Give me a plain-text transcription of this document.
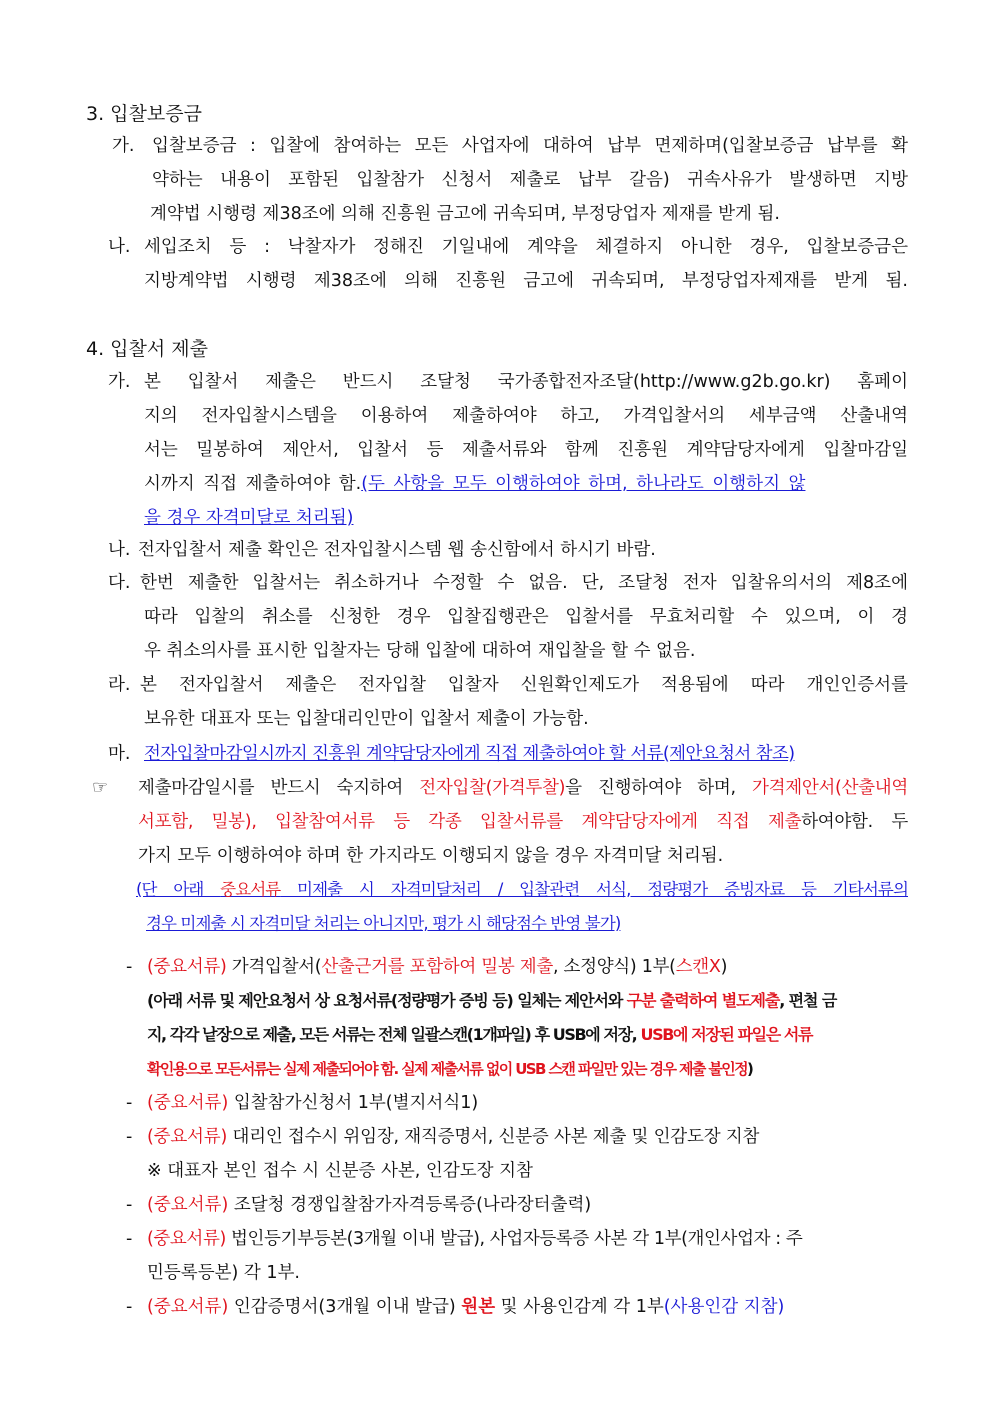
3. 입찰보증금
가.	입찰보증금 : 입찰에 참여하는 모든 사업자에 대하여 납부 면제하며(입찰보증금 납부를 확
약하는 내용이 포함된 입찰참가 신청서 제출로 납부 갈음) 귀속사유가 발생하면 지방
계약법 시행령 제38조에 의해 진흥원 금고에 귀속되며, 부정당업자 제재를 받게 됨.
나. 세입조치 등 : 낙찰자가 정해진 기일내에 계약을 체결하지 아니한 경우, 입찰보증금은
지방계약법 시행령 제38조에 의해 진흥원 금고에 귀속되며, 부정당업자제재를 받게 됨.
4. 입찰서 제출
가. 본 입찰서 제출은 반드시 조달청 국가종합전자조달(http://www.g2b.go.kr) 홈페이
지의 전자입찰시스템을 이용하여 제출하여야 하고, 가격입찰서의 세부금액 산출내역
서는 밀봉하여 제안서, 입찰서 등 제출서류와 함께 진흥원 계약담당자에게 입찰마감일
시까지 직접 제출하여야 함.(두 사항을 모두 이행하여야 하며, 하나라도 이행하지 않
을 경우 자격미달로 처리됨)
나. 전자입찰서 제출 확인은 전자입찰시스템 웹 송신함에서 하시기 바람.
다. 한번 제출한 입찰서는 취소하거나 수정할 수 없음. 단, 조달청 전자 입찰유의서의 제8조에
따라 입찰의 취소를 신청한 경우 입찰집행관은 입찰서를 무효처리할 수 있으며, 이 경
우 취소의사를 표시한 입찰자는 당해 입찰에 대하여 재입찰을 할 수 없음.
라. 본 전자입찰서 제출은 전자입찰 입찰자 신원확인제도가 적용됨에 따라 개인인증서를
보유한 대표자 또는 입찰대리인만이 입찰서 제출이 가능함.
마. 전자입찰마감일시까지 진흥원 계약담당자에게 직접 제출하여야 할 서류(제안요청서 참조)
☞	제출마감일시를 반드시 숙지하여 전자입찰(가격투찰)을 진행하여야 하며, 가격제안서(산출내역
서포함, 밀봉), 입찰참여서류 등 각종 입찰서류를 계약담당자에게 직접 제출하여야함. 두
가지 모두 이행하여야 하며 한 가지라도 이행되지 않을 경우 자격미달 처리됨.
(단 아래 중요서류 미제출 시 자격미달처리 / 입찰관련 서식, 정량평가 증빙자료 등 기타서류의
경우 미제출 시 자격미달 처리는 아니지만, 평가 시 해당점수 반영 불가)
- (중요서류) 가격입찰서(산출근거를 포함하여 밀봉 제출, 소정양식) 1부(스캔X)
(아래 서류 및 제안요청서 상 요청서류(정량평가 증빙 등) 일체는 제안서와 구분 출력하여 별도제출, 편철 금
지, 각각 낱장으로 제출, 모든 서류는 전체 일괄스캔(1개파일) 후 USB에 저장, USB에 저장된 파일은 서류
확인용으로 모든서류는 실제 제출되어야 함. 실제 제출서류 없이 USB 스캔 파일만 있는 경우 제출 불인정)
- (중요서류) 입찰참가신청서 1부(별지서식1)
- (중요서류) 대리인 접수시 위임장, 재직증명서, 신분증 사본 제출 및 인감도장 지참
※ 대표자 본인 접수 시 신분증 사본, 인감도장 지참
- (중요서류) 조달청 경쟁입찰참가자격등록증(나라장터출력)
- (중요서류) 법인등기부등본(3개월 이내 발급), 사업자등록증 사본 각 1부(개인사업자 : 주
민등록등본) 각 1부.
- (중요서류) 인감증명서(3개월 이내 발급) 원본 및 사용인감계 각 1부(사용인감 지참)
